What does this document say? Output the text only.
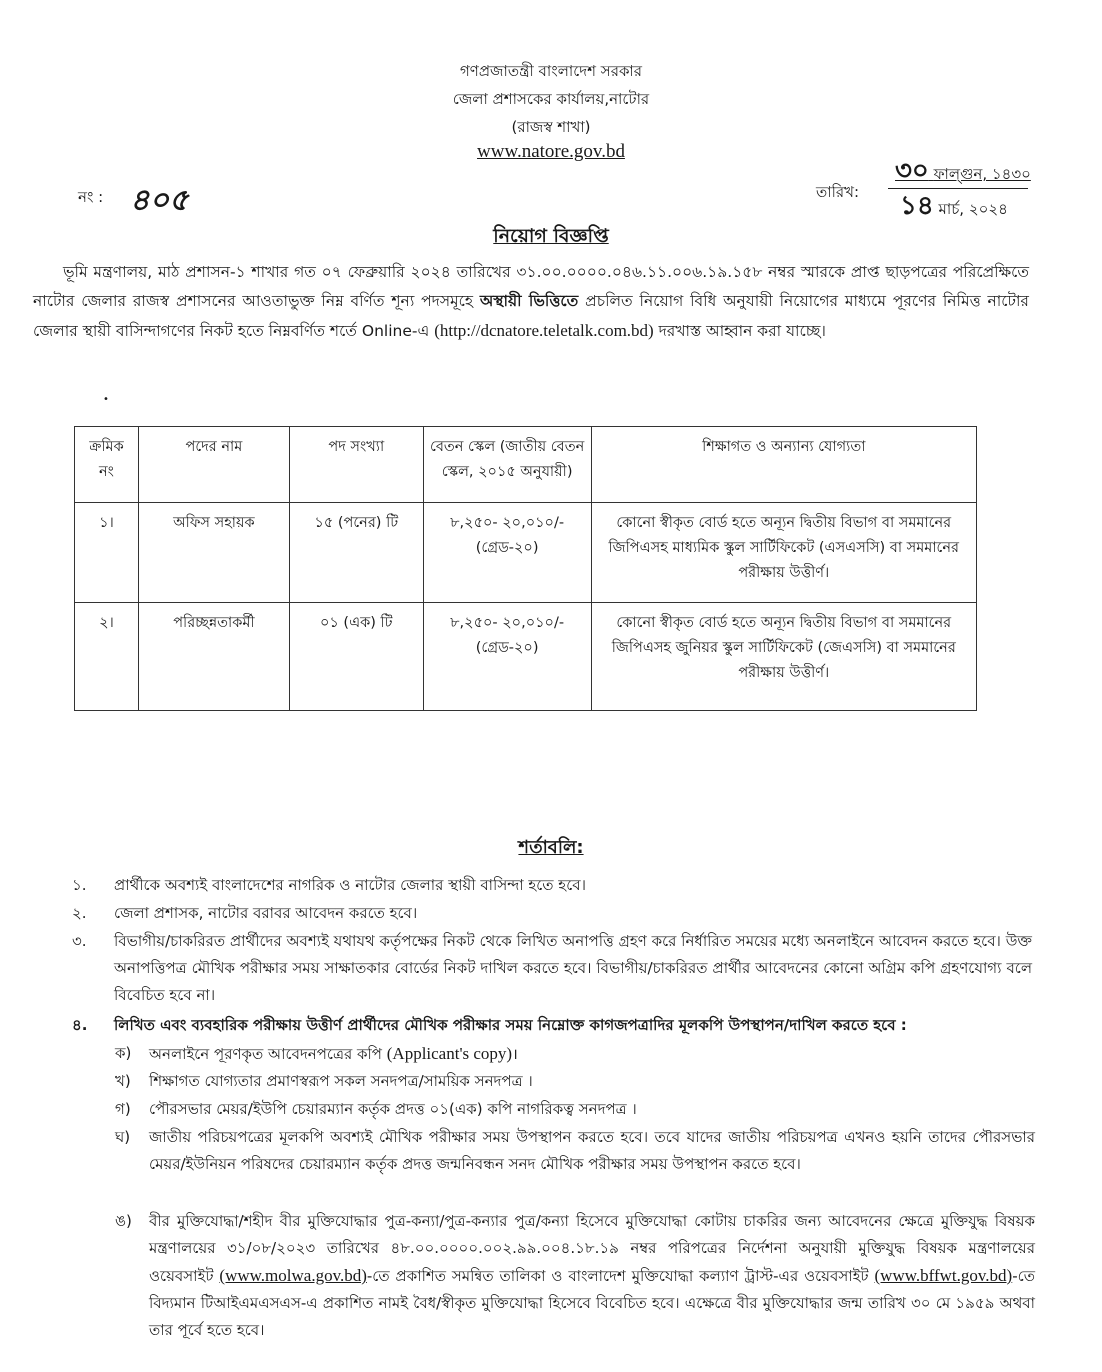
গণপ্রজাতন্ত্রী বাংলাদেশ সরকার
জেলা প্রশাসকের কার্যালয়,নাটোর
(রাজস্ব শাখা)
www.natore.gov.bd
নং : ৪০৫	তারিখ:
৩০ ফাল্গুন, ১৪৩০
১৪ মার্চ, ২০২৪
নিয়োগ বিজ্ঞপ্তি
ভূমি মন্ত্রণালয়, মাঠ প্রশাসন-১ শাখার গত ০৭ ফেব্রুয়ারি ২০২৪ তারিখের ৩১.০০.০০০০.০৪৬.১১.০০৬.১৯.১৫৮ নম্বর স্মারকে প্রাপ্ত ছাড়পত্রের পরিপ্রেক্ষিতে নাটোর জেলার রাজস্ব প্রশাসনের আওতাভুক্ত নিম্ন বর্ণিত শূন্য পদসমূহে অস্থায়ী ভিত্তিতে প্রচলিত নিয়োগ বিধি অনুযায়ী নিয়োগের মাধ্যমে পূরণের নিমিত্ত নাটোর জেলার স্থায়ী বাসিন্দাগণের নিকট হতে নিম্নবর্ণিত শর্তে Online-এ (http://dcnatore.teletalk.com.bd) দরখাস্ত আহ্বান করা যাচ্ছে।
•
ক্রমিক নং	পদের নাম	পদ সংখ্যা	বেতন স্কেল (জাতীয় বেতন স্কেল, ২০১৫ অনুযায়ী)	শিক্ষাগত ও অন্যান্য যোগ্যতা
১।	অফিস সহায়ক	১৫ (পনের) টি	৮,২৫০- ২০,০১০/- (গ্রেড-২০)	কোনো স্বীকৃত বোর্ড হতে অন্যূন দ্বিতীয় বিভাগ বা সমমানের জিপিএসহ মাধ্যমিক স্কুল সার্টিফিকেট (এসএসসি) বা সমমানের পরীক্ষায় উত্তীর্ণ।
২।	পরিচ্ছন্নতাকর্মী	০১ (এক) টি	৮,২৫০- ২০,০১০/- (গ্রেড-২০)	কোনো স্বীকৃত বোর্ড হতে অন্যূন দ্বিতীয় বিভাগ বা সমমানের জিপিএসহ জুনিয়র স্কুল সার্টিফিকেট (জেএসসি) বা সমমানের পরীক্ষায় উত্তীর্ণ।
শর্তাবলি:
১.	প্রার্থীকে অবশ্যই বাংলাদেশের নাগরিক ও নাটোর জেলার স্থায়ী বাসিন্দা হতে হবে।
২.	জেলা প্রশাসক, নাটোর বরাবর আবেদন করতে হবে।
৩.	বিভাগীয়/চাকরিরত প্রার্থীদের অবশ্যই যথাযথ কর্তৃপক্ষের নিকট থেকে লিখিত অনাপত্তি গ্রহণ করে নির্ধারিত সময়ের মধ্যে অনলাইনে আবেদন করতে হবে। উক্ত অনাপত্তিপত্র মৌখিক পরীক্ষার সময় সাক্ষাতকার বোর্ডের নিকট দাখিল করতে হবে। বিভাগীয়/চাকরিরত প্রার্থীর আবেদনের কোনো অগ্রিম কপি গ্রহণযোগ্য বলে বিবেচিত হবে না।
৪.	লিখিত এবং ব্যবহারিক পরীক্ষায় উত্তীর্ণ প্রার্থীদের মৌখিক পরীক্ষার সময় নিম্নোক্ত কাগজপত্রাদির মূলকপি উপস্থাপন/দাখিল করতে হবে :
ক)	অনলাইনে পূরণকৃত আবেদনপত্রের কপি (Applicant's copy)।
খ)	শিক্ষাগত যোগ্যতার প্রমাণস্বরূপ সকল সনদপত্র/সাময়িক সনদপত্র ।
গ)	পৌরসভার মেয়র/ইউপি চেয়ারম্যান কর্তৃক প্রদত্ত ০১(এক) কপি নাগরিকত্ব সনদপত্র ।
ঘ)	জাতীয় পরিচয়পত্রের মূলকপি অবশ্যই মৌখিক পরীক্ষার সময় উপস্থাপন করতে হবে। তবে যাদের জাতীয় পরিচয়পত্র এখনও হয়নি তাদের পৌরসভার মেয়র/ইউনিয়ন পরিষদের চেয়ারম্যান কর্তৃক প্রদত্ত জন্মনিবন্ধন সনদ মৌখিক পরীক্ষার সময় উপস্থাপন করতে হবে।
ঙ)	বীর মুক্তিযোদ্ধা/শহীদ বীর মুক্তিযোদ্ধার পুত্র-কন্যা/পুত্র-কন্যার পুত্র/কন্যা হিসেবে মুক্তিযোদ্ধা কোটায় চাকরির জন্য আবেদনের ক্ষেত্রে মুক্তিযুদ্ধ বিষয়ক মন্ত্রণালয়ের ৩১/০৮/২০২৩ তারিখের ৪৮.০০.০০০০.০০২.৯৯.০০৪.১৮.১৯ নম্বর পরিপত্রের নির্দেশনা অনুযায়ী মুক্তিযুদ্ধ বিষয়ক মন্ত্রণালয়ের ওয়েবসাইট (www.molwa.gov.bd)-তে প্রকাশিত সমন্বিত তালিকা ও বাংলাদেশ মুক্তিযোদ্ধা কল্যাণ ট্রাস্ট-এর ওয়েবসাইট (www.bffwt.gov.bd)-তে বিদ্যমান টিআইএমএসএস-এ প্রকাশিত নামই বৈধ/স্বীকৃত মুক্তিযোদ্ধা হিসেবে বিবেচিত হবে। এক্ষেত্রে বীর মুক্তিযোদ্ধার জন্ম তারিখ ৩০ মে ১৯৫৯ অথবা তার পূর্বে হতে হবে।
